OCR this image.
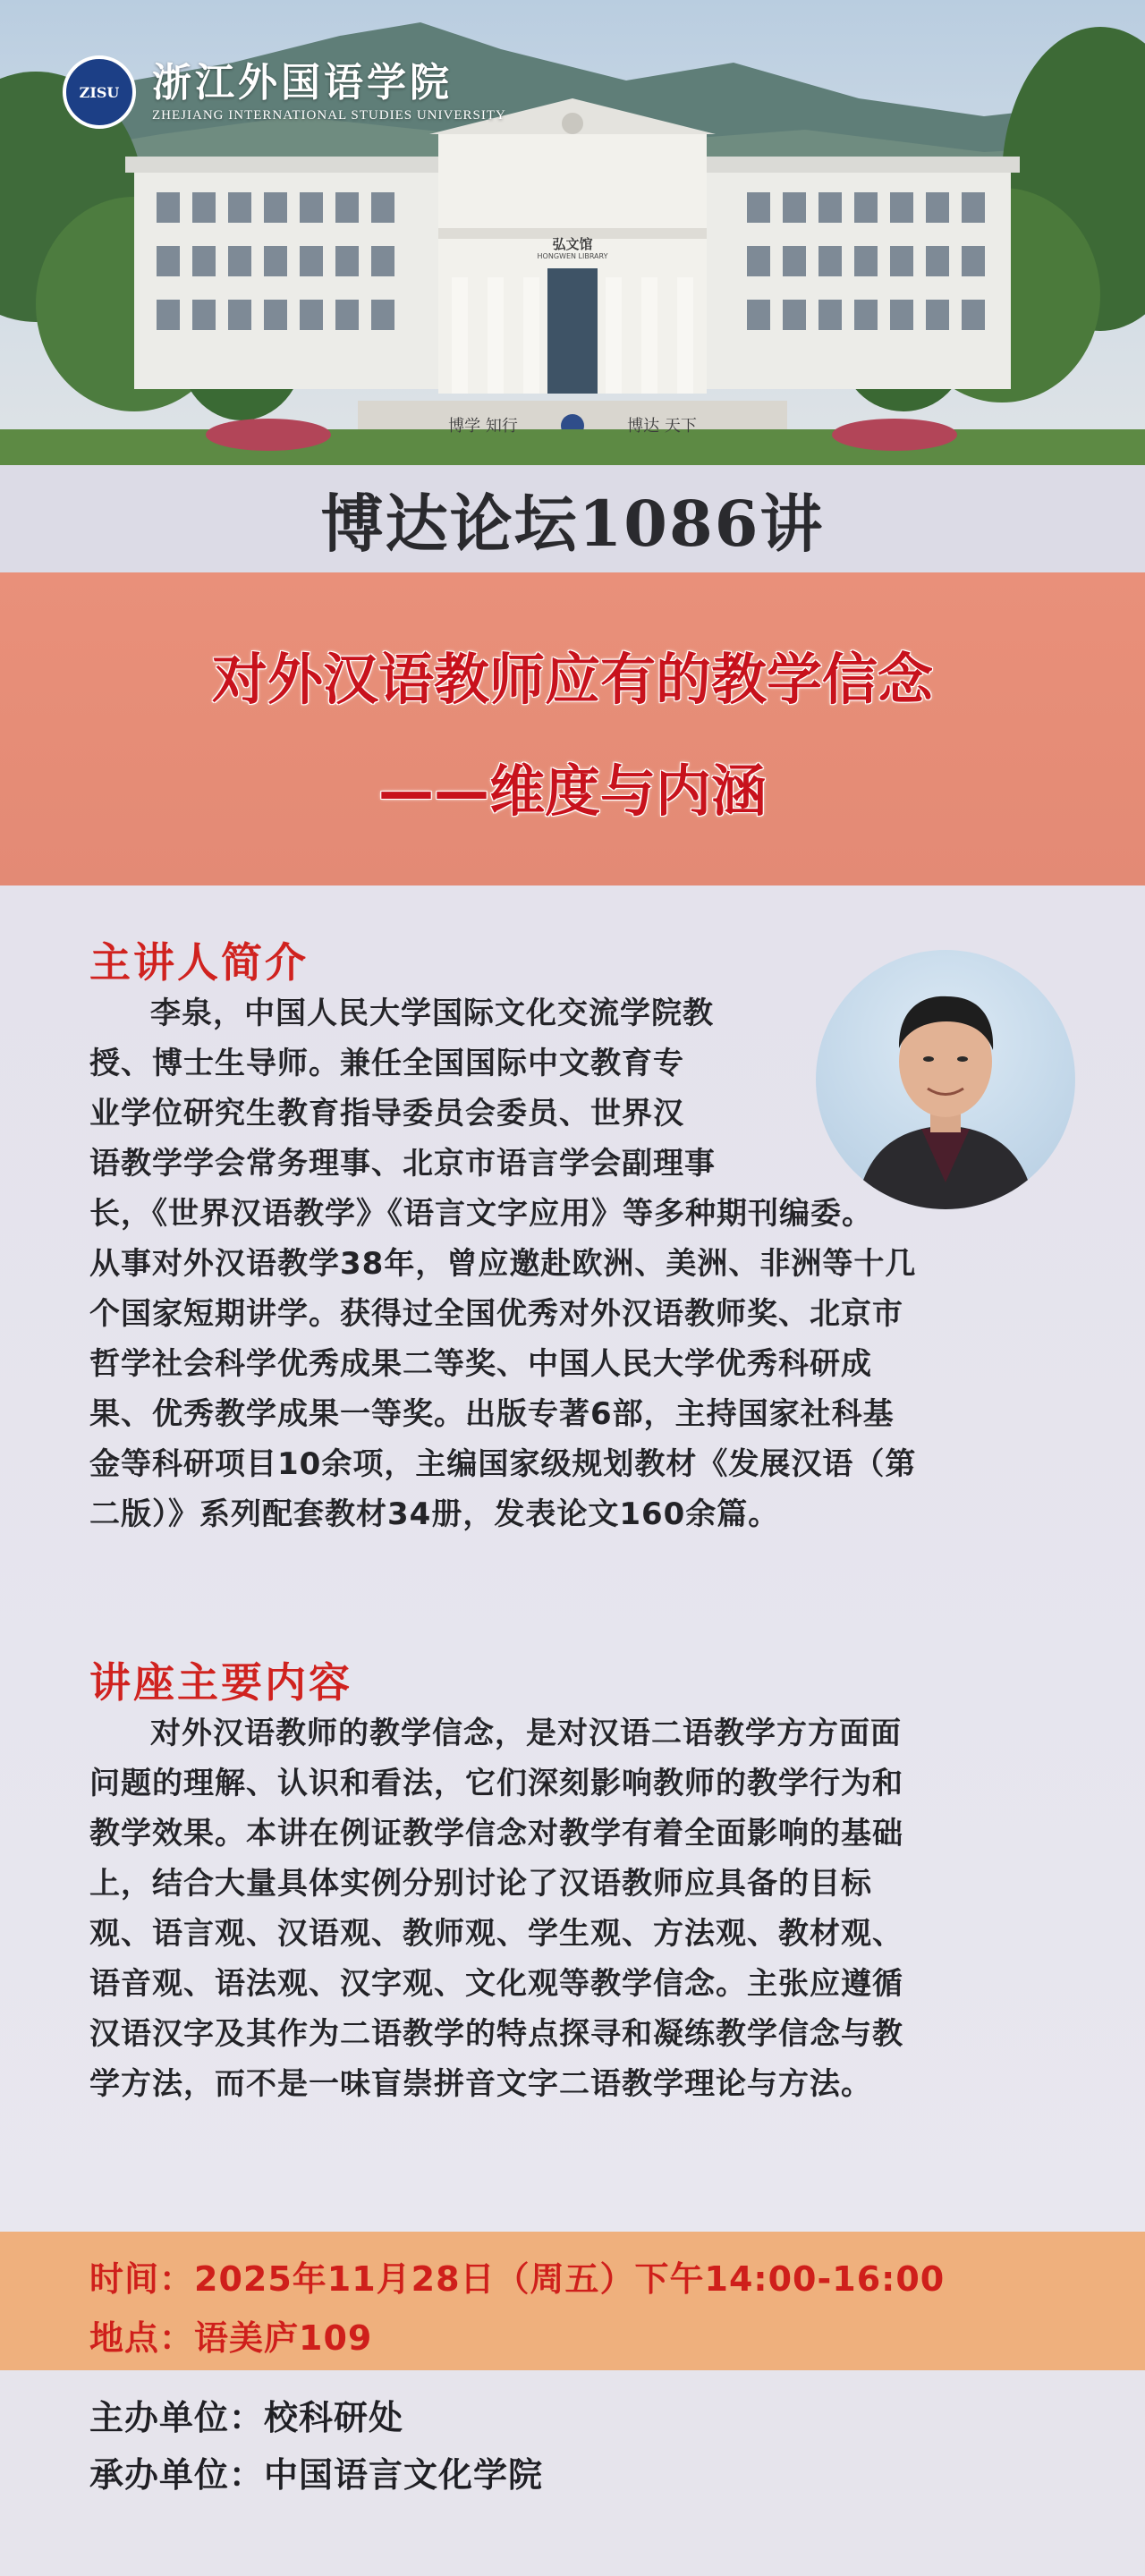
ZISU 浙江外国语学院
ZHEJIANG INTERNATIONAL STUDIES UNIVERSITY
弘文馆
HONGWEN LIBRARY
博学 知行	博达 天下
博达论坛1086讲
对外汉语教师应有的教学信念
——维度与内涵
主讲人简介
李泉，中国人民大学国际文化交流学院教
授、博士生导师。兼任全国国际中文教育专
业学位研究生教育指导委员会委员、世界汉
语教学学会常务理事、北京市语言学会副理事
长，《世界汉语教学》《语言文字应用》等多种期刊编委。
从事对外汉语教学38年，曾应邀赴欧洲、美洲、非洲等十几
个国家短期讲学。获得过全国优秀对外汉语教师奖、北京市
哲学社会科学优秀成果二等奖、中国人民大学优秀科研成
果、优秀教学成果一等奖。出版专著6部，主持国家社科基
金等科研项目10余项，主编国家级规划教材《发展汉语（第
二版）》系列配套教材34册，发表论文160余篇。
讲座主要内容
对外汉语教师的教学信念，是对汉语二语教学方方面面
问题的理解、认识和看法，它们深刻影响教师的教学行为和
教学效果。本讲在例证教学信念对教学有着全面影响的基础
上，结合大量具体实例分别讨论了汉语教师应具备的目标
观、语言观、汉语观、教师观、学生观、方法观、教材观、
语音观、语法观、汉字观、文化观等教学信念。主张应遵循
汉语汉字及其作为二语教学的特点探寻和凝练教学信念与教
学方法，而不是一味盲崇拼音文字二语教学理论与方法。
时间：2025年11月28日（周五）下午14:00-16:00
地点：语美庐109
主办单位：校科研处
承办单位：中国语言文化学院
